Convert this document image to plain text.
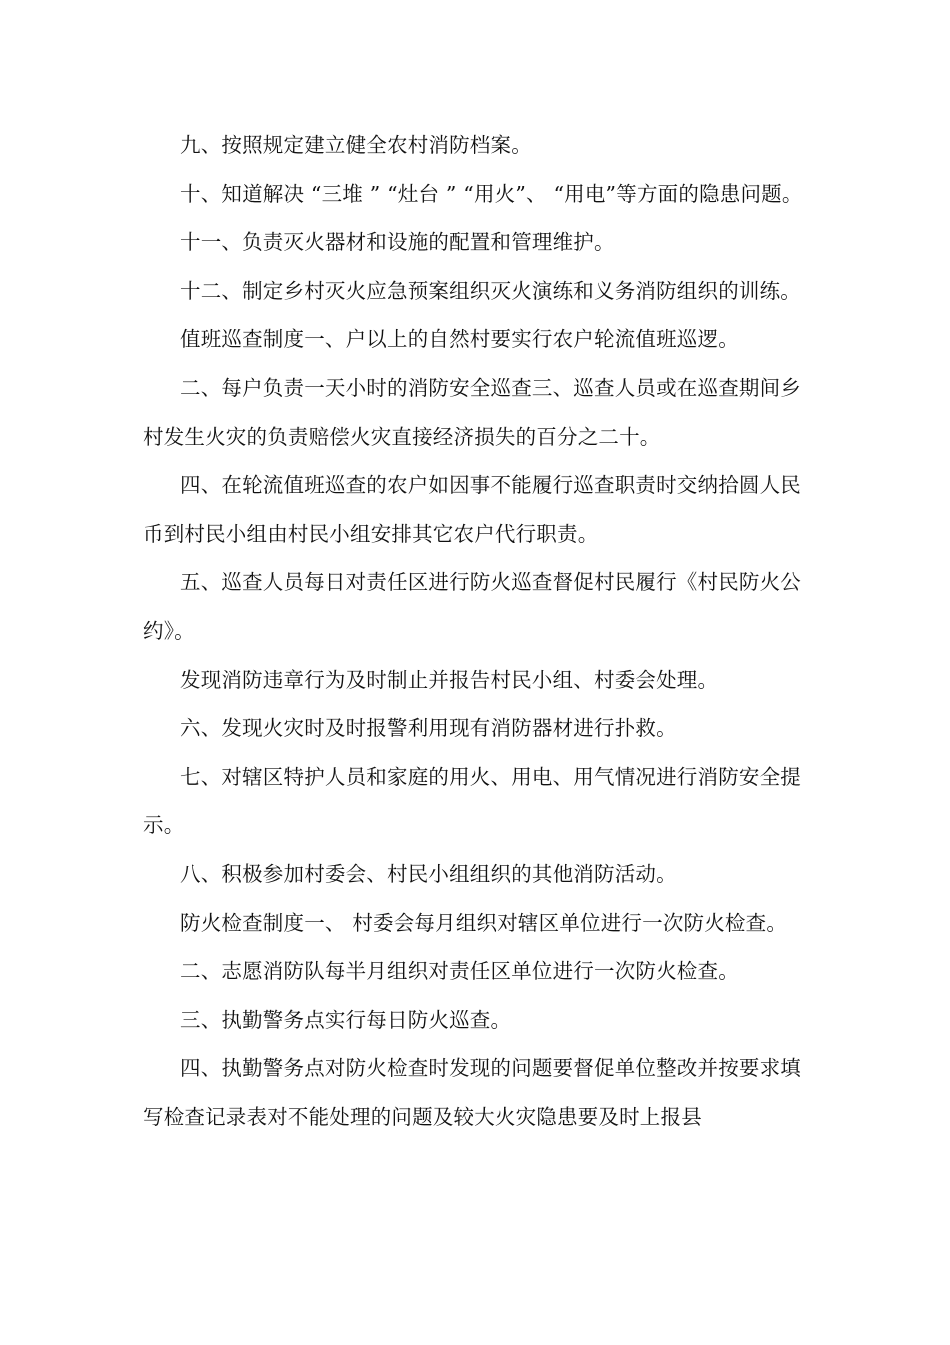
九、按照规定建立健全农村消防档案。

十、知道解决 “三堆 ” “灶台 ” “用火”、 “用电”等方面的隐患问题。

十一、负责灭火器材和设施的配置和管理维护。

十二、制定乡村灭火应急预案组织灭火演练和义务消防组织的训练。

值班巡查制度一、户以上的自然村要实行农户轮流值班巡逻。

二、每户负责一天小时的消防安全巡查三、巡查人员或在巡查期间乡村发生火灾的负责赔偿火灾直接经济损失的百分之二十。

四、在轮流值班巡查的农户如因事不能履行巡查职责时交纳拾圆人民币到村民小组由村民小组安排其它农户代行职责。

五、巡查人员每日对责任区进行防火巡查督促村民履行《村民防火公约》。

发现消防违章行为及时制止并报告村民小组、村委会处理。

六、发现火灾时及时报警利用现有消防器材进行扑救。

七、对辖区特护人员和家庭的用火、用电、用气情况进行消防安全提示。

八、积极参加村委会、村民小组组织的其他消防活动。

防火检查制度一、 村委会每月组织对辖区单位进行一次防火检查。

二、志愿消防队每半月组织对责任区单位进行一次防火检查。

三、执勤警务点实行每日防火巡查。

四、执勤警务点对防火检查时发现的问题要督促单位整改并按要求填写检查记录表对不能处理的问题及较大火灾隐患要及时上报县
